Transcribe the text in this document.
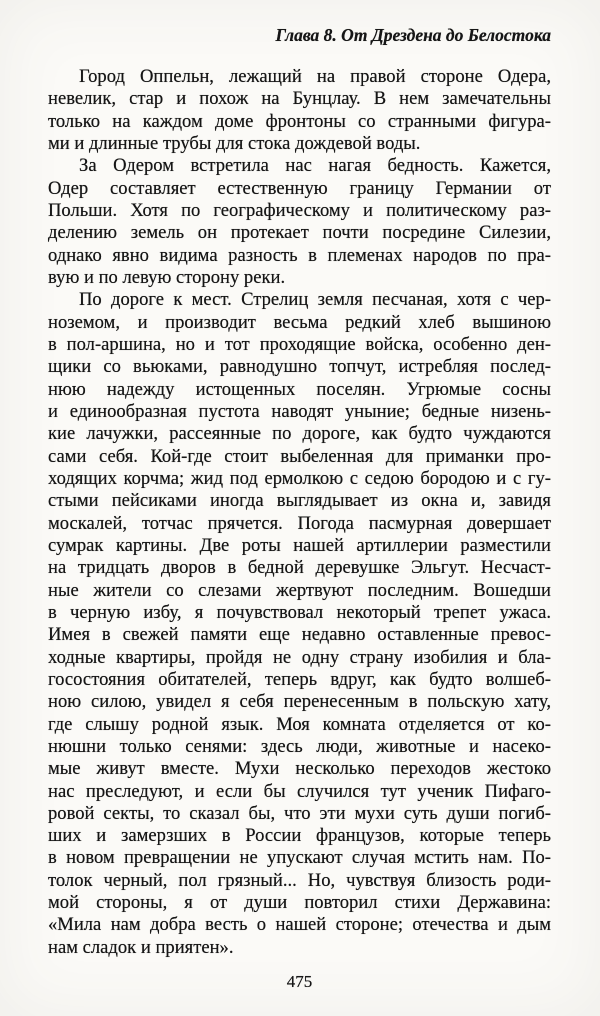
Глава 8. От Дрездена до Белостока
Город Оппельн, лежащий на правой стороне Одера,
невелик, стар и похож на Бунцлау. В нем замечательны
только на каждом доме фронтоны со странными фигура-
ми и длинные трубы для стока дождевой воды.
За Одером встретила нас нагая бедность. Кажется,
Одер составляет естественную границу Германии от
Польши. Хотя по географическому и политическому раз-
делению земель он протекает почти посредине Силезии,
однако явно видима разность в племенах народов по пра-
вую и по левую сторону реки.
По дороге к мест. Стрелиц земля песчаная, хотя с чер-
ноземом, и производит весьма редкий хлеб вышиною
в пол-аршина, но и тот проходящие войска, особенно ден-
щики со вьюками, равнодушно топчут, истребляя послед-
нюю надежду истощенных поселян. Угрюмые сосны
и единообразная пустота наводят уныние; бедные низень-
кие лачужки, рассеянные по дороге, как будто чуждаются
сами себя. Кой-где стоит выбеленная для приманки про-
ходящих корчма; жид под ермолкою с седою бородою и с гу-
стыми пейсиками иногда выглядывает из окна и, завидя
москалей, тотчас прячется. Погода пасмурная довершает
сумрак картины. Две роты нашей артиллерии разместили
на тридцать дворов в бедной деревушке Эльгут. Несчаст-
ные жители со слезами жертвуют последним. Вошедши
в черную избу, я почувствовал некоторый трепет ужаса.
Имея в свежей памяти еще недавно оставленные превос-
ходные квартиры, пройдя не одну страну изобилия и бла-
госостояния обитателей, теперь вдруг, как будто волшеб-
ною силою, увидел я себя перенесенным в польскую хату,
где слышу родной язык. Моя комната отделяется от ко-
нюшни только сенями: здесь люди, животные и насеко-
мые живут вместе. Мухи несколько переходов жестоко
нас преследуют, и если бы случился тут ученик Пифаго-
ровой секты, то сказал бы, что эти мухи суть души погиб-
ших и замерзших в России французов, которые теперь
в новом превращении не упускают случая мстить нам. По-
толок черный, пол грязный... Но, чувствуя близость роди-
мой стороны, я от души повторил стихи Державина:
«Мила нам добра весть о нашей стороне; отечества и дым
нам сладок и приятен».
475
